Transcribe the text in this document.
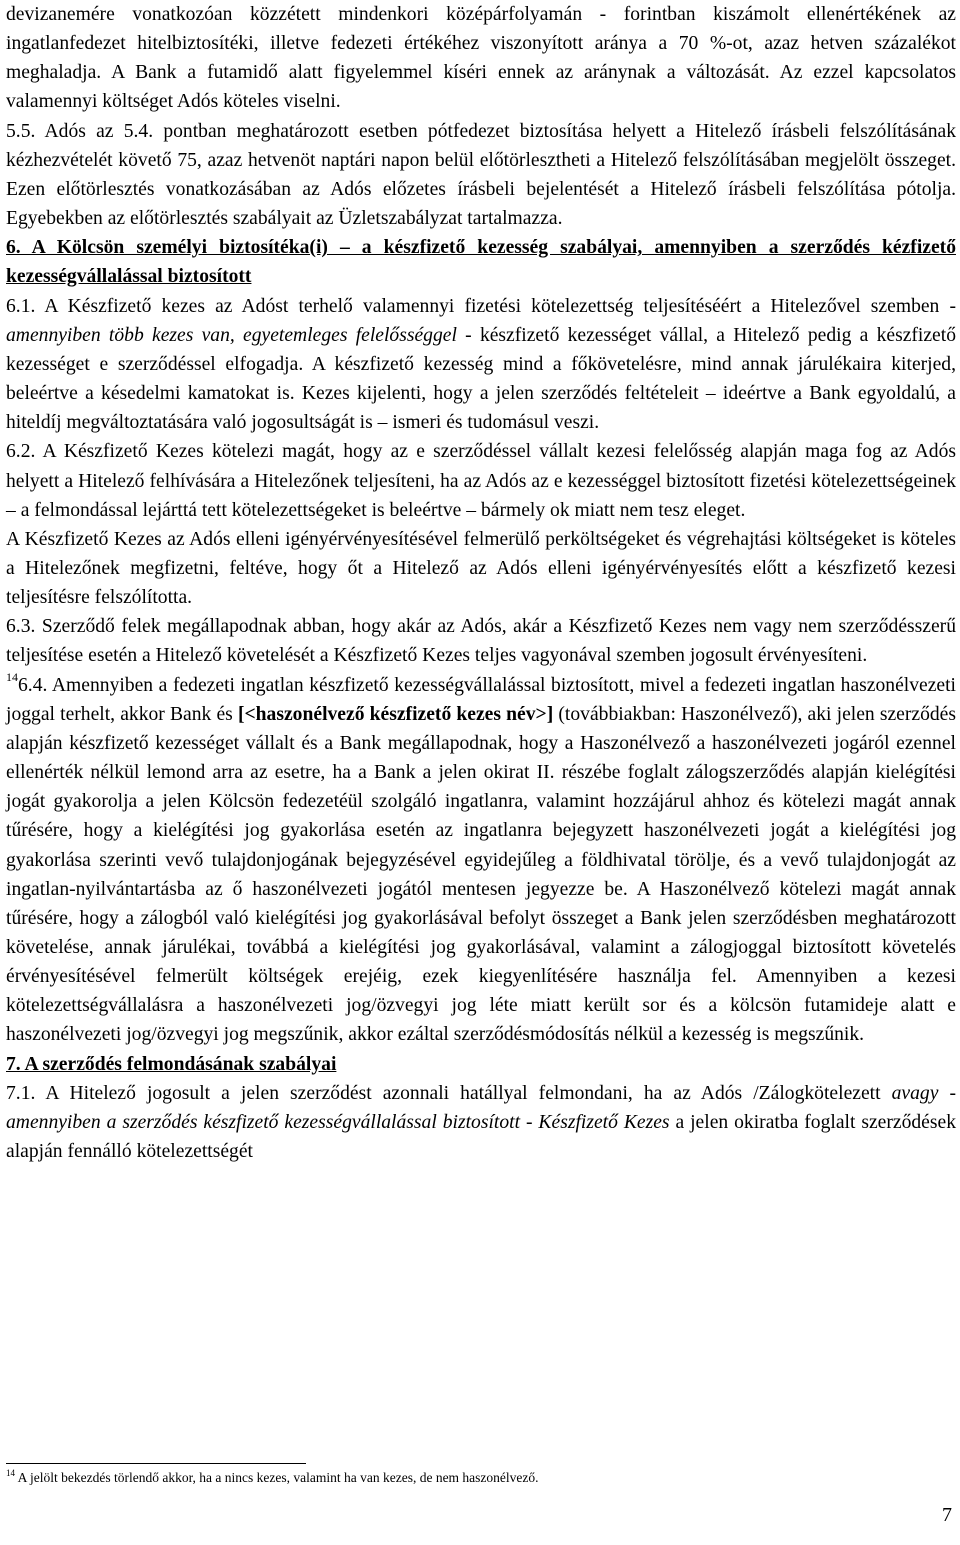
devizanemére vonatkozóan közzétett mindenkori középárfolyamán - forintban kiszámolt ellenértékének az ingatlanfedezet hitelbiztosítéki, illetve fedezeti értékéhez viszonyított aránya a 70 %-ot, azaz hetven százalékot meghaladja. A Bank a futamidő alatt figyelemmel kíséri ennek az aránynak a változását. Az ezzel kapcsolatos valamennyi költséget Adós köteles viselni.

5.5. Adós az 5.4. pontban meghatározott esetben pótfedezet biztosítása helyett a Hitelező írásbeli felszólításának kézhezvételét követő 75, azaz hetvenöt naptári napon belül előtörlesztheti a Hitelező felszólításában megjelölt összeget. Ezen előtörlesztés vonatkozásában az Adós előzetes írásbeli bejelentését a Hitelező írásbeli felszólítása pótolja. Egyebekben az előtörlesztés szabályait az Üzletszabályzat tartalmazza.

6. A Kölcsön személyi biztosítéka(i) – a készfizető kezesség szabályai, amennyiben a szerződés kézfizető kezességvállalással biztosított

6.1. A Készfizető kezes az Adóst terhelő valamennyi fizetési kötelezettség teljesítéséért a Hitelezővel szemben - amennyiben több kezes van, egyetemleges felelősséggel - készfizető kezességet vállal, a Hitelező pedig a készfizető kezességet e szerződéssel elfogadja. A készfizető kezesség mind a főkövetelésre, mind annak járulékaira kiterjed, beleértve a késedelmi kamatokat is. Kezes kijelenti, hogy a jelen szerződés feltételeit – ideértve a Bank egyoldalú, a hiteldíj megváltoztatására való jogosultságát is – ismeri és tudomásul veszi.

6.2. A Készfizető Kezes kötelezi magát, hogy az e szerződéssel vállalt kezesi felelősség alapján maga fog az Adós helyett a Hitelező felhívására a Hitelezőnek teljesíteni, ha az Adós az e kezességgel biztosított fizetési kötelezettségeinek – a felmondással lejárttá tett kötelezettségeket is beleértve – bármely ok miatt nem tesz eleget.

A Készfizető Kezes az Adós elleni igényérvényesítésével felmerülő perköltségeket és végrehajtási költségeket is köteles a Hitelezőnek megfizetni, feltéve, hogy őt a Hitelező az Adós elleni igényérvényesítés előtt a készfizető kezesi teljesítésre felszólította.

6.3. Szerződő felek megállapodnak abban, hogy akár az Adós, akár a Készfizető Kezes nem vagy nem szerződésszerű teljesítése esetén a Hitelező követelését a Készfizető Kezes teljes vagyonával szemben jogosult érvényesíteni.

$^{14}$6.4. Amennyiben a fedezeti ingatlan készfizető kezességvállalással biztosított, mivel a fedezeti ingatlan haszonélvezeti joggal terhelt, akkor Bank és [<haszonélvező készfizető kezes név>] (továbbiakban: Haszonélvező), aki jelen szerződés alapján készfizető kezességet vállalt és a Bank megállapodnak, hogy a Haszonélvező a haszonélvezeti jogáról ezennel ellenérték nélkül lemond arra az esetre, ha a Bank a jelen okirat II. részébe foglalt zálogszerződés alapján kielégítési jogát gyakorolja a jelen Kölcsön fedezetéül szolgáló ingatlanra, valamint hozzájárul ahhoz és kötelezi magát annak tűrésére, hogy a kielégítési jog gyakorlása esetén az ingatlanra bejegyzett haszonélvezeti jogát a kielégítési jog gyakorlása szerinti vevő tulajdonjogának bejegyzésével egyidejűleg a földhivatal törölje, és a vevő tulajdonjogát az ingatlan-nyilvántartásba az ő haszonélvezeti jogától mentesen jegyezze be. A Haszonélvező kötelezi magát annak tűrésére, hogy a zálogból való kielégítési jog gyakorlásával befolyt összeget a Bank jelen szerződésben meghatározott követelése, annak járulékai, továbbá a kielégítési jog gyakorlásával, valamint a zálogjoggal biztosított követelés érvényesítésével felmerült költségek erejéig, ezek kiegyenlítésére használja fel. Amennyiben a kezesi kötelezettségvállalásra a haszonélvezeti jog/özvegyi jog léte miatt került sor és a kölcsön futamideje alatt e haszonélvezeti jog/özvegyi jog megszűnik, akkor ezáltal szerződésmódosítás nélkül a kezesség is megszűnik.

7. A szerződés felmondásának szabályai

7.1. A Hitelező jogosult a jelen szerződést azonnali hatállyal felmondani, ha az Adós /Zálogkötelezett avagy - amennyiben a szerződés készfizető kezességvállalással biztosított - Készfizető Kezes a jelen okiratba foglalt szerződések alapján fennálló kötelezettségét

$^{14}$ A jelölt bekezdés törlendő akkor, ha a nincs kezes, valamint ha van kezes, de nem haszonélvező.
7
